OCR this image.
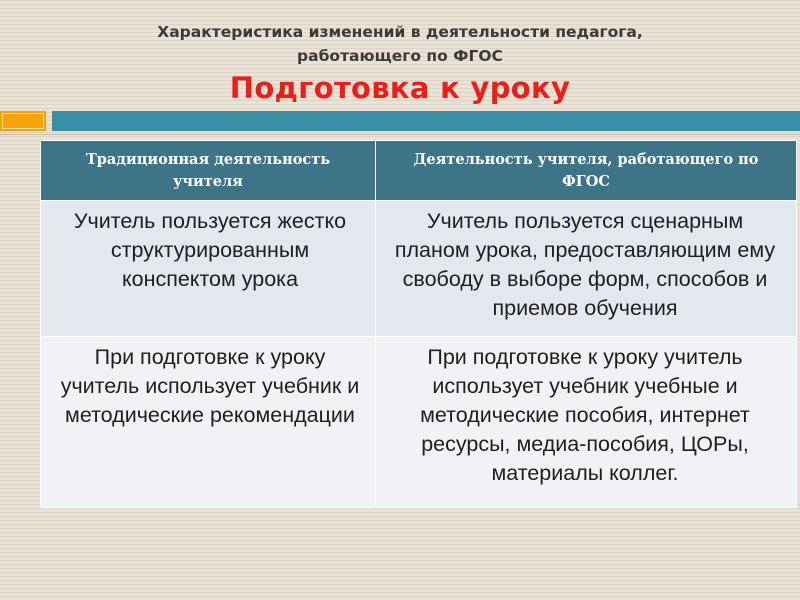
Характеристика изменений в деятельности педагога,
работающего по ФГОС
Подготовка к уроку
Традиционная деятельность учителя	Деятельность учителя, работающего по ФГОС
Учитель пользуется жестко структурированным конспектом урока	Учитель пользуется сценарным планом урока, предоставляющим ему свободу в выборе форм, способов и приемов обучения
При подготовке к уроку учитель использует учебник и методические рекомендации	При подготовке к уроку учитель использует учебник учебные и методические пособия, интернет ресурсы, медиа-пособия, ЦОРы, материалы коллег.
